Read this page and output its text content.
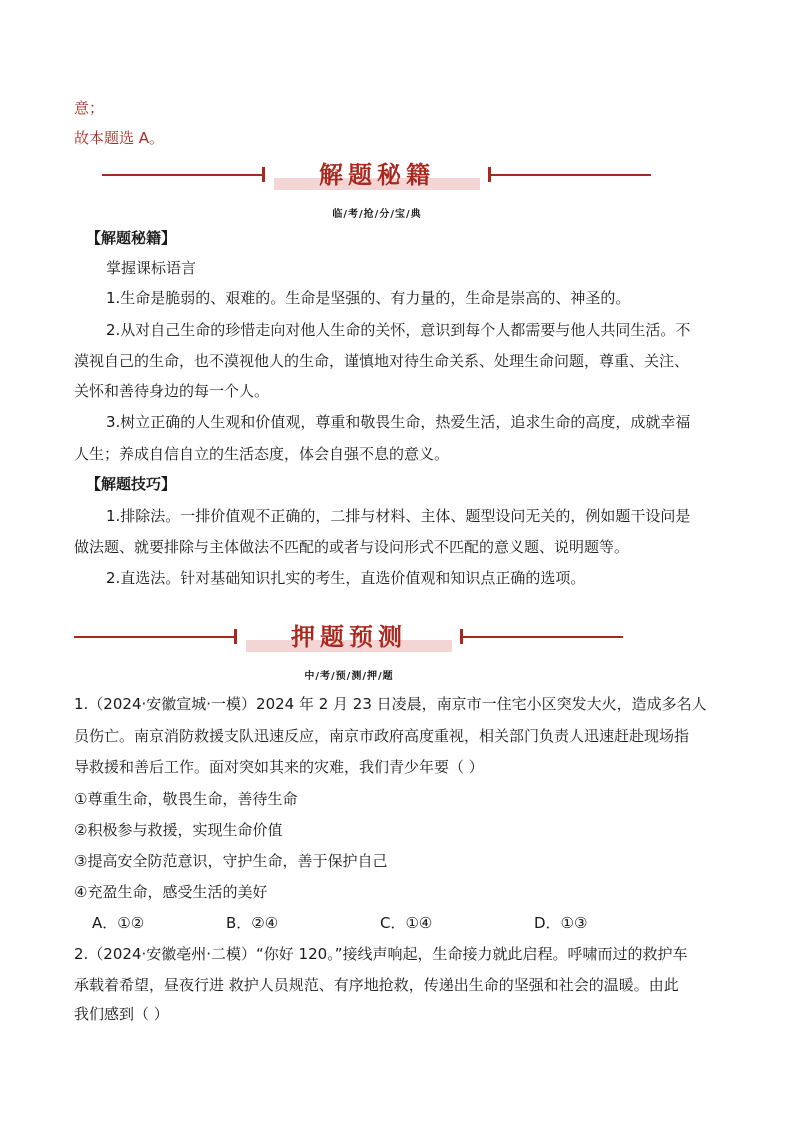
意；
故本题选 A。
解题秘籍
临/考/抢/分/宝/典
【解题秘籍】
掌握课标语言
1.生命是脆弱的、艰难的。生命是坚强的、有力量的，生命是崇高的、神圣的。
2.从对自己生命的珍惜走向对他人生命的关怀，意识到每个人都需要与他人共同生活。不
漠视自己的生命，也不漠视他人的生命，谨慎地对待生命关系、处理生命问题，尊重、关注、
关怀和善待身边的每一个人。
3.树立正确的人生观和价值观，尊重和敬畏生命，热爱生活，追求生命的高度，成就幸福
人生；养成自信自立的生活态度，体会自强不息的意义。
【解题技巧】
1.排除法。一排价值观不正确的，二排与材料、主体、题型设问无关的，例如题干设问是
做法题、就要排除与主体做法不匹配的或者与设问形式不匹配的意义题、说明题等。
2.直选法。针对基础知识扎实的考生，直选价值观和知识点正确的选项。
押题预测
中/考/预/测/押/题
1.（2024·安徽宣城·一模）2024 年 2 月 23 日凌晨，南京市一住宅小区突发大火，造成多名人
员伤亡。南京消防救援支队迅速反应，南京市政府高度重视，相关部门负责人迅速赶赴现场指
导救援和善后工作。面对突如其来的灾难，我们青少年要（ ）
①尊重生命，敬畏生命，善待生命
②积极参与救援，实现生命价值
③提高安全防范意识，守护生命，善于保护自己
④充盈生命，感受生活的美好
A．①②	B．②④	C．①④	D．①③
2.（2024·安徽亳州·二模）“你好 120。”接线声响起，生命接力就此启程。呼啸而过的救护车
承载着希望，昼夜行进 救护人员规范、有序地抢救，传递出生命的坚强和社会的温暖。由此
我们感到（ ）
